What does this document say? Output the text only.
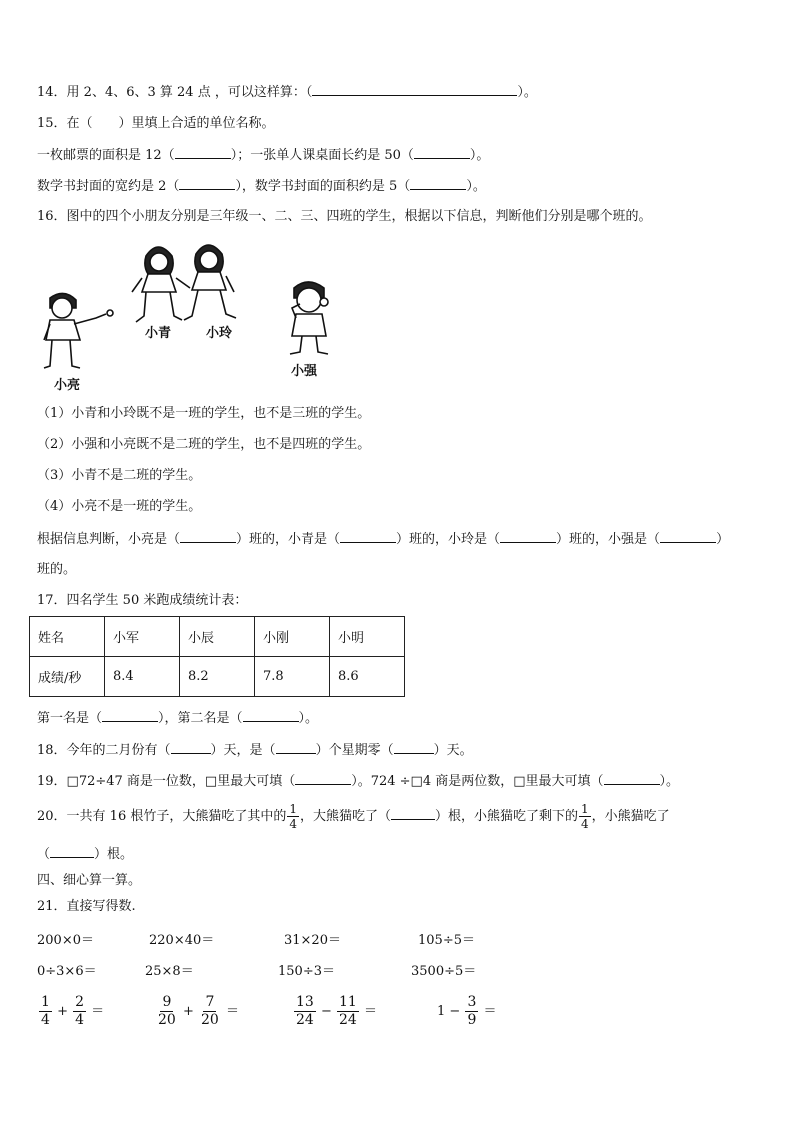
14．用 2、4、6、3 算 24 点 ，可以这样算：（	）。
15．在（　　）里填上合适的单位名称。
一枚邮票的面积是 12（	）；一张单人课桌面长约是 50（	）。
数学书封面的宽约是 2（	），数学书封面的面积约是 5（	）。
16．图中的四个小朋友分别是三年级一、二、三、四班的学生，根据以下信息，判断他们分别是哪个班的。
小青	小玲
小亮
小强
（1）小青和小玲既不是一班的学生，也不是三班的学生。
（2）小强和小亮既不是二班的学生，也不是四班的学生。
（3）小青不是二班的学生。
（4）小亮不是一班的学生。
根据信息判断，小亮是（	）班的，小青是（	）班的，小玲是（	）班的，小强是（	）
班的。
17．四名学生 50 米跑成绩统计表：
姓名	小军	小辰	小刚	小明
成绩/秒	8.4	8.2	7.8	8.6
第一名是（	），第二名是（	）。
18．今年的二月份有（	）天，是（	）个星期零（	）天。
19．□72÷47 商是一位数，□里最大可填（	）。724 ÷□4 商是两位数，□里最大可填（	）。
20．一共有 16 根竹子，大熊猫吃了其中的 $\frac{1}{4}$ ，大熊猫吃了（	）根，小熊猫吃了剩下的 $\frac{1}{4}$ ，小熊猫吃了
（	）根。
四、细心算一算。
21．直接写得数.
200×0＝	220×40＝	31×20＝	105÷5＝
0÷3×6＝	25×8＝	150÷3＝	3500÷5＝
$\frac{1}{4} + \frac{2}{4}$ ＝	$\frac{9}{20} + \frac{7}{20}$ ＝	$\frac{13}{24} - \frac{11}{24}$ ＝	$1 - \frac{3}{9}$ ＝
